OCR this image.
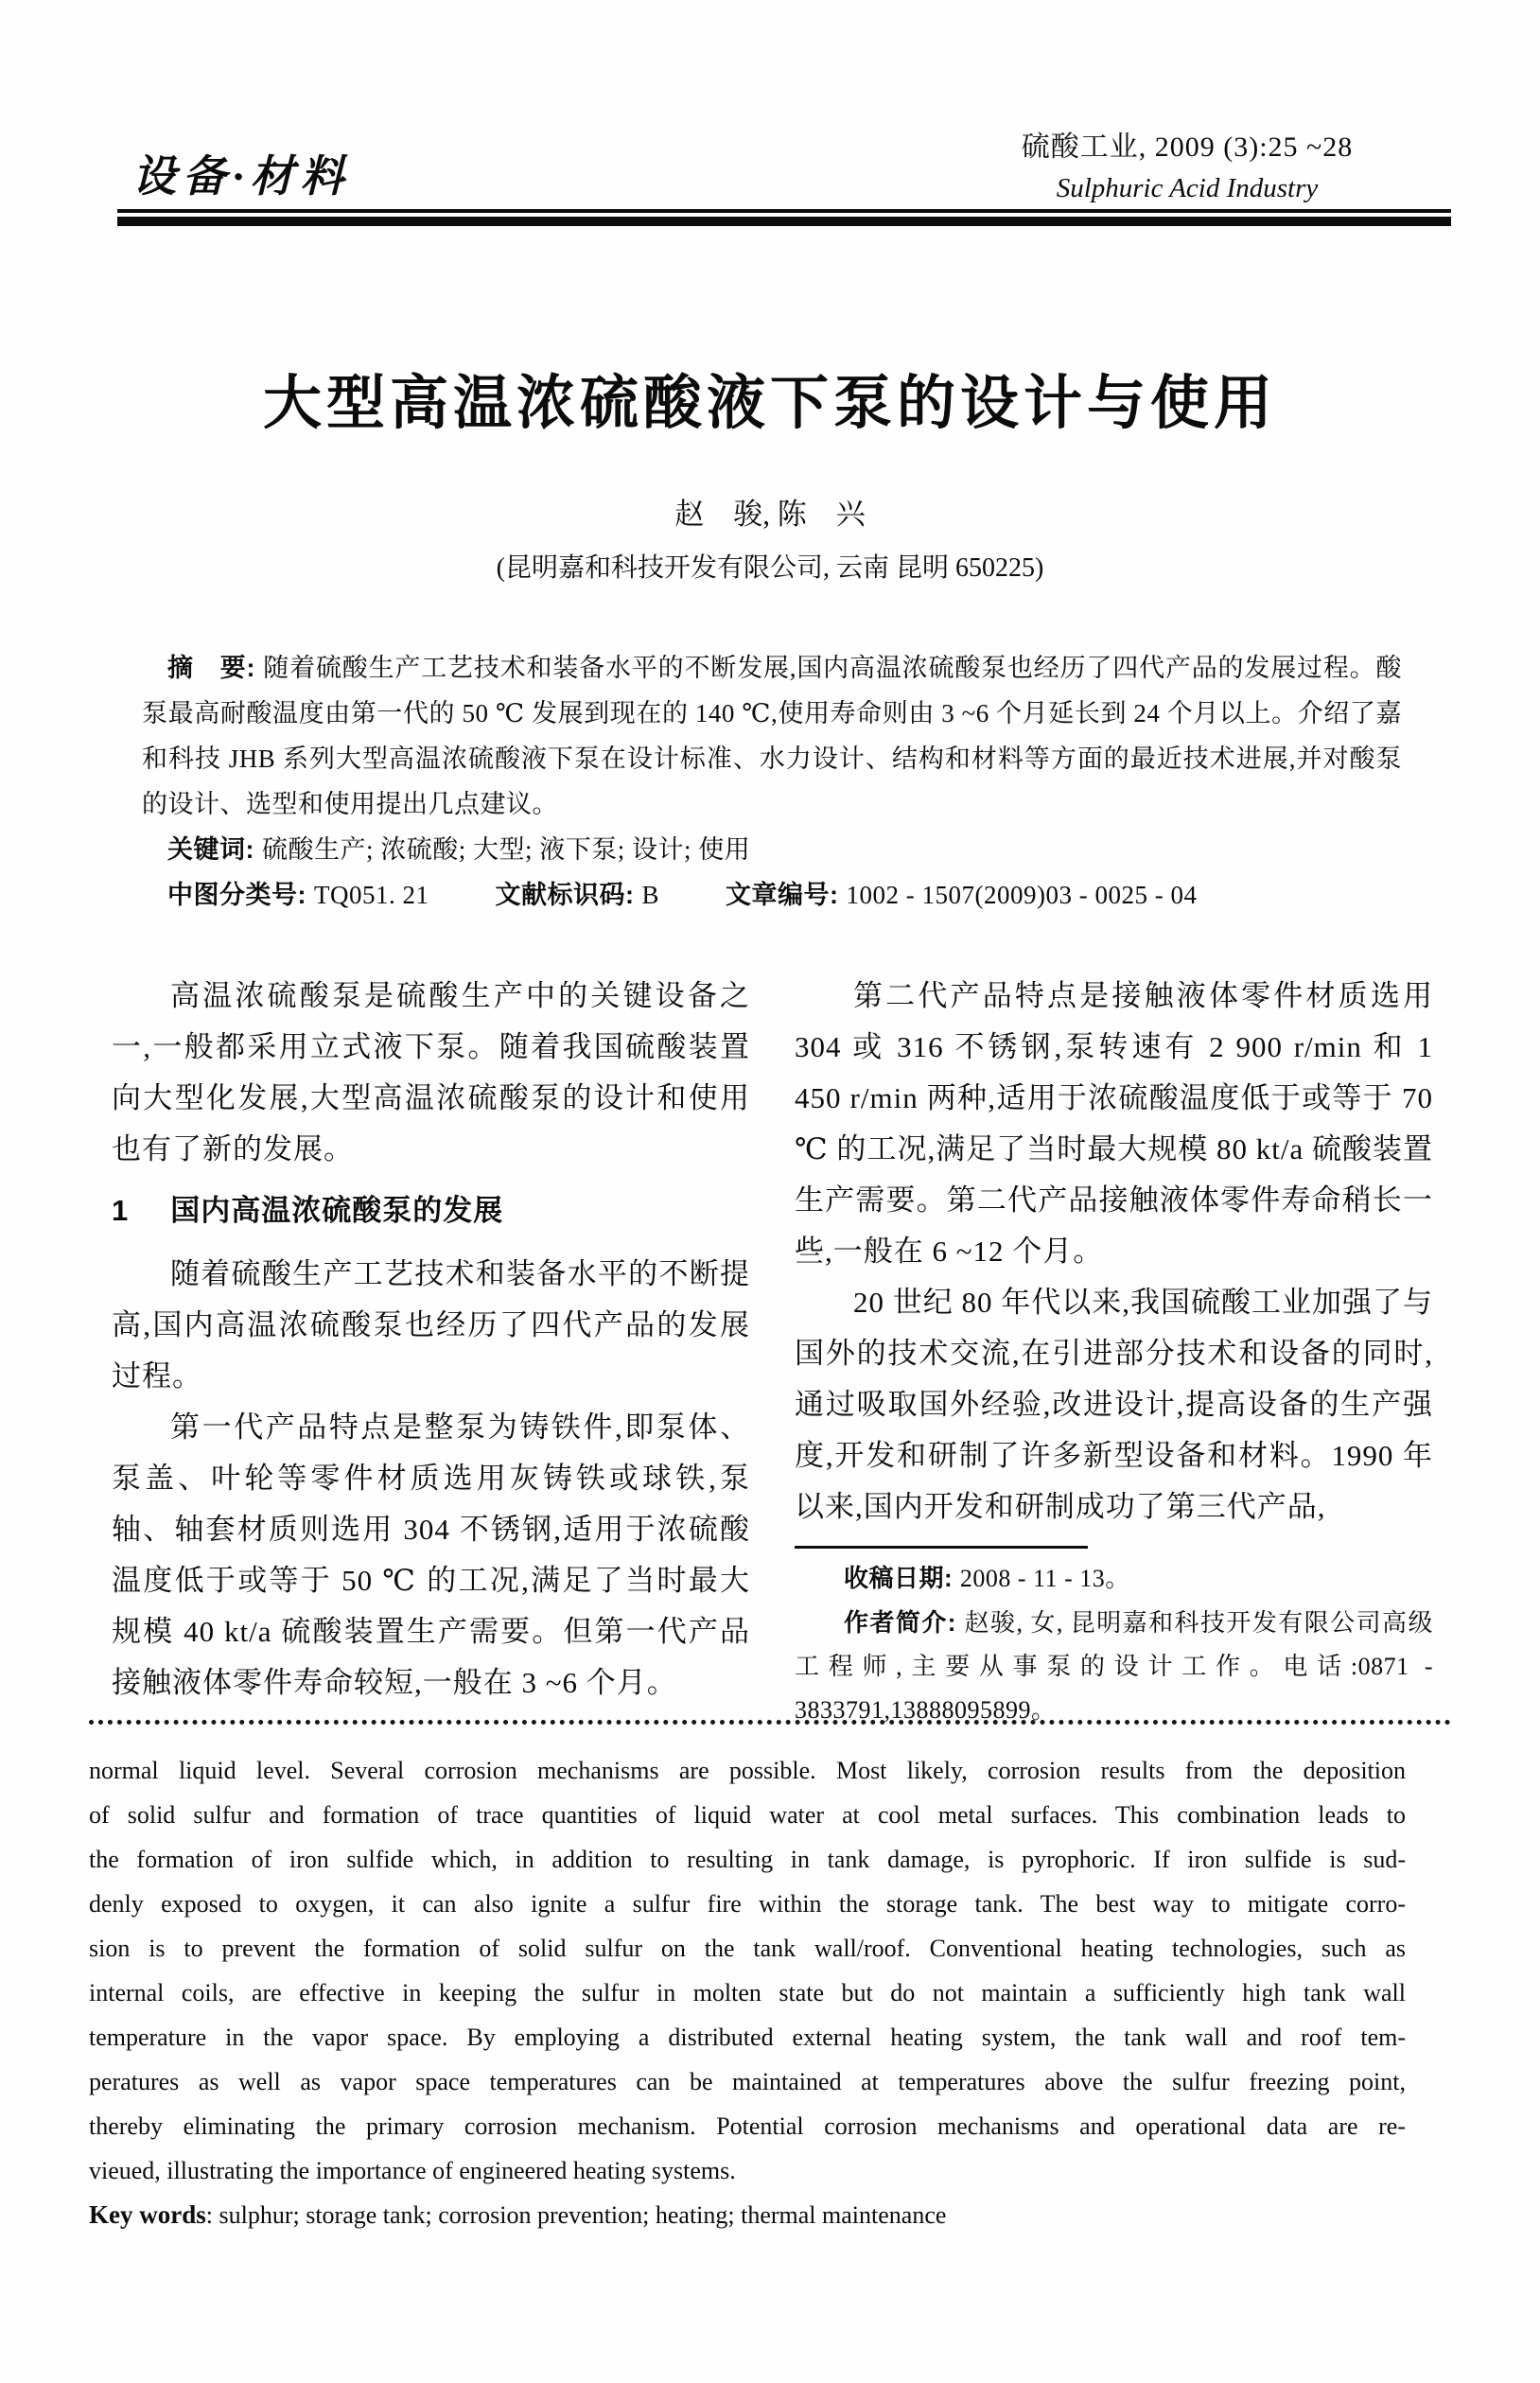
设备·材料
硫酸工业, 2009 (3):25 ~28
Sulphuric Acid Industry
大型高温浓硫酸液下泵的设计与使用
赵　骏, 陈　兴
(昆明嘉和科技开发有限公司, 云南 昆明 650225)

摘　要: 随着硫酸生产工艺技术和装备水平的不断发展,国内高温浓硫酸泵也经历了四代产品的发展过程。酸泵最高耐酸温度由第一代的 50 ℃ 发展到现在的 140 ℃,使用寿命则由 3 ~6 个月延长到 24 个月以上。介绍了嘉和科技 JHB 系列大型高温浓硫酸液下泵在设计标准、水力设计、结构和材料等方面的最近技术进展,并对酸泵的设计、选型和使用提出几点建议。

关键词: 硫酸生产; 浓硫酸; 大型; 液下泵; 设计; 使用

中图分类号: TQ051. 21	文献标识码: B	文章编号: 1002 - 1507(2009)03 - 0025 - 04

高温浓硫酸泵是硫酸生产中的关键设备之一,一般都采用立式液下泵。随着我国硫酸装置向大型化发展,大型高温浓硫酸泵的设计和使用也有了新的发展。

1 国内高温浓硫酸泵的发展

随着硫酸生产工艺技术和装备水平的不断提高,国内高温浓硫酸泵也经历了四代产品的发展过程。

第一代产品特点是整泵为铸铁件,即泵体、泵盖、叶轮等零件材质选用灰铸铁或球铁,泵轴、轴套材质则选用 304 不锈钢,适用于浓硫酸温度低于或等于 50 ℃ 的工况,满足了当时最大规模 40 kt/a 硫酸装置生产需要。但第一代产品接触液体零件寿命较短,一般在 3 ~6 个月。

第二代产品特点是接触液体零件材质选用 304 或 316 不锈钢,泵转速有 2 900 r/min 和 1 450 r/min 两种,适用于浓硫酸温度低于或等于 70 ℃ 的工况,满足了当时最大规模 80 kt/a 硫酸装置生产需要。第二代产品接触液体零件寿命稍长一些,一般在 6 ~12 个月。

20 世纪 80 年代以来,我国硫酸工业加强了与国外的技术交流,在引进部分技术和设备的同时,通过吸取国外经验,改进设计,提高设备的生产强度,开发和研制了许多新型设备和材料。1990 年以来,国内开发和研制成功了第三代产品,

收稿日期: 2008 - 11 - 13。

作者简介: 赵骏, 女, 昆明嘉和科技开发有限公司高级工程师,主要从事泵的设计工作。电话:0871 - 3833791,13888095899。

normal liquid level. Several corrosion mechanisms are possible. Most likely, corrosion results from the deposition
of solid sulfur and formation of trace quantities of liquid water at cool metal surfaces. This combination leads to
the formation of iron sulfide which, in addition to resulting in tank damage, is pyrophoric. If iron sulfide is sud-
denly exposed to oxygen, it can also ignite a sulfur fire within the storage tank. The best way to mitigate corro-
sion is to prevent the formation of solid sulfur on the tank wall/roof. Conventional heating technologies, such as
internal coils, are effective in keeping the sulfur in molten state but do not maintain a sufficiently high tank wall
temperature in the vapor space. By employing a distributed external heating system, the tank wall and roof tem-
peratures as well as vapor space temperatures can be maintained at temperatures above the sulfur freezing point,
thereby eliminating the primary corrosion mechanism. Potential corrosion mechanisms and operational data are re-
vieued, illustrating the importance of engineered heating systems.
Key words: sulphur; storage tank; corrosion prevention; heating; thermal maintenance
